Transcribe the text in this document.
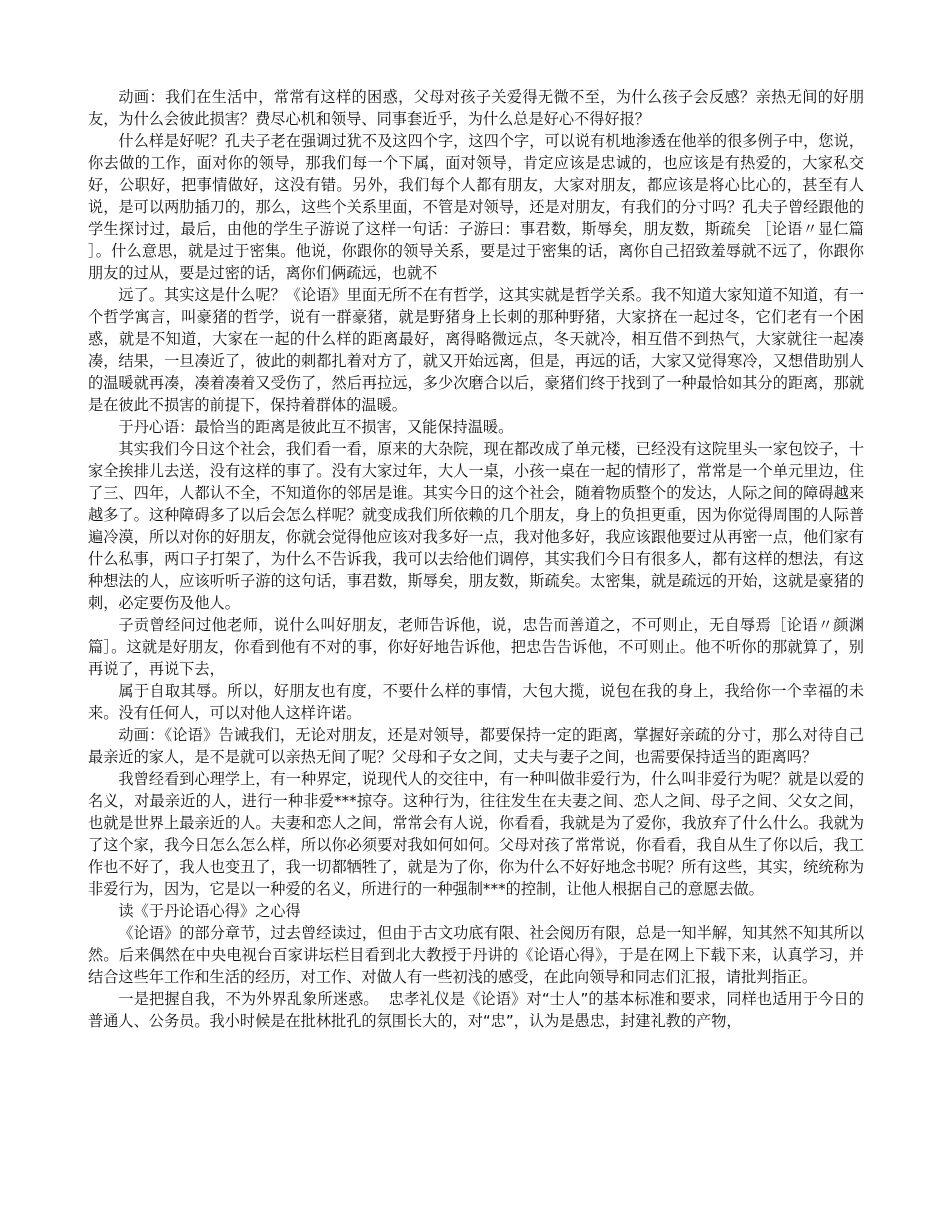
动画：我们在生活中，常常有这样的困惑，父母对孩子关爱得无微不至，为什么孩子会反感？亲热无间的好朋友，为什么会彼此损害？费尽心机和领导、同事套近乎，为什么总是好心不得好报？

什么样是好呢？孔夫子老在强调过犹不及这四个字，这四个字，可以说有机地渗透在他举的很多例子中，您说，你去做的工作，面对你的领导，那我们每一个下属，面对领导，肯定应该是忠诚的，也应该是有热爱的，大家私交好，公职好，把事情做好，这没有错。另外，我们每个人都有朋友，大家对朋友，都应该是将心比心的，甚至有人说，是可以两肋插刀的，那么，这些个关系里面，不管是对领导，还是对朋友，有我们的分寸吗？孔夫子曾经跟他的学生探讨过，最后，由他的学生子游说了这样一句话：子游曰：事君数，斯辱矣，朋友数，斯疏矣 ［论语〃显仁篇 ］。什么意思，就是过于密集。他说，你跟你的领导关系，要是过于密集的话，离你自己招致羞辱就不远了，你跟你朋友的过从，要是过密的话，离你们俩疏远，也就不

远了。其实这是什么呢？《论语》里面无所不在有哲学，这其实就是哲学关系。我不知道大家知道不知道，有一个哲学寓言，叫豪猪的哲学，说有一群豪猪，就是野猪身上长刺的那种野猪，大家挤在一起过冬，它们老有一个困惑，就是不知道，大家在一起的什么样的距离最好，离得略微远点，冬天就冷，相互借不到热气，大家就往一起凑凑，结果，一旦凑近了，彼此的刺都扎着对方了，就又开始远离，但是，再远的话，大家又觉得寒冷，又想借助别人的温暖就再凑，凑着凑着又受伤了，然后再拉远，多少次磨合以后，豪猪们终于找到了一种最恰如其分的距离，那就是在彼此不损害的前提下，保持着群体的温暖。

于丹心语：最恰当的距离是彼此互不损害，又能保持温暖。

其实我们今日这个社会，我们看一看，原来的大杂院，现在都改成了单元楼，已经没有这院里头一家包饺子，十家全挨排儿去送，没有这样的事了。没有大家过年，大人一桌，小孩一桌在一起的情形了，常常是一个单元里边，住了三、四年，人都认不全，不知道你的邻居是谁。其实今日的这个社会，随着物质整个的发达，人际之间的障碍越来越多了。这种障碍多了以后会怎么样呢？就变成我们所依赖的几个朋友，身上的负担更重，因为你觉得周围的人际普遍冷漠，所以对你的好朋友，你就会觉得他应该对我多好一点，我对他多好，我应该跟他要过从再密一点，他们家有什么私事，两口子打架了，为什么不告诉我，我可以去给他们调停，其实我们今日有很多人，都有这样的想法，有这种想法的人，应该听听子游的这句话，事君数，斯辱矣，朋友数，斯疏矣。太密集，就是疏远的开始，这就是豪猪的刺，必定要伤及他人。

子贡曾经问过他老师，说什么叫好朋友，老师告诉他，说，忠告而善道之，不可则止，无自辱焉［论语〃颜渊篇］。这就是好朋友，你看到他有不对的事，你好好地告诉他，把忠告告诉他，不可则止。他不听你的那就算了，别再说了，再说下去，

属于自取其辱。所以，好朋友也有度，不要什么样的事情，大包大揽，说包在我的身上，我给你一个幸福的未来。没有任何人，可以对他人这样许诺。

动画：《论语》告诫我们，无论对朋友，还是对领导，都要保持一定的距离，掌握好亲疏的分寸，那么对待自己最亲近的家人，是不是就可以亲热无间了呢？父母和子女之间，丈夫与妻子之间，也需要保持适当的距离吗？

我曾经看到心理学上，有一种界定，说现代人的交往中，有一种叫做非爱行为，什么叫非爱行为呢？就是以爱的名义，对最亲近的人，进行一种非爱***掠夺。这种行为，往往发生在夫妻之间、恋人之间、母子之间、父女之间，也就是世界上最亲近的人。夫妻和恋人之间，常常会有人说，你看看，我就是为了爱你，我放弃了什么什么。我就为了这个家，我今日怎么怎么样，所以你必须要对我如何如何。父母对孩了常常说，你看看，我自从生了你以后，我工作也不好了，我人也变丑了，我一切都牺牲了，就是为了你，你为什么不好好地念书呢？所有这些，其实，统统称为非爱行为，因为，它是以一种爱的名义，所进行的一种强制***的控制，让他人根据自己的意愿去做。

读《于丹论语心得》之心得

《论语》的部分章节，过去曾经读过，但由于古文功底有限、社会阅历有限，总是一知半解，知其然不知其所以然。后来偶然在中央电视台百家讲坛栏目看到北大教授于丹讲的《论语心得》，于是在网上下载下来，认真学习，并结合这些年工作和生活的经历，对工作、对做人有一些初浅的感受，在此向领导和同志们汇报，请批判指正。

一是把握自我，不为外界乱象所迷惑。  忠孝礼仪是《论语》对“士人”的基本标准和要求，同样也适用于今日的普通人、公务员。我小时候是在批林批孔的氛围长大的，对“忠”，认为是愚忠，封建礼教的产物，
